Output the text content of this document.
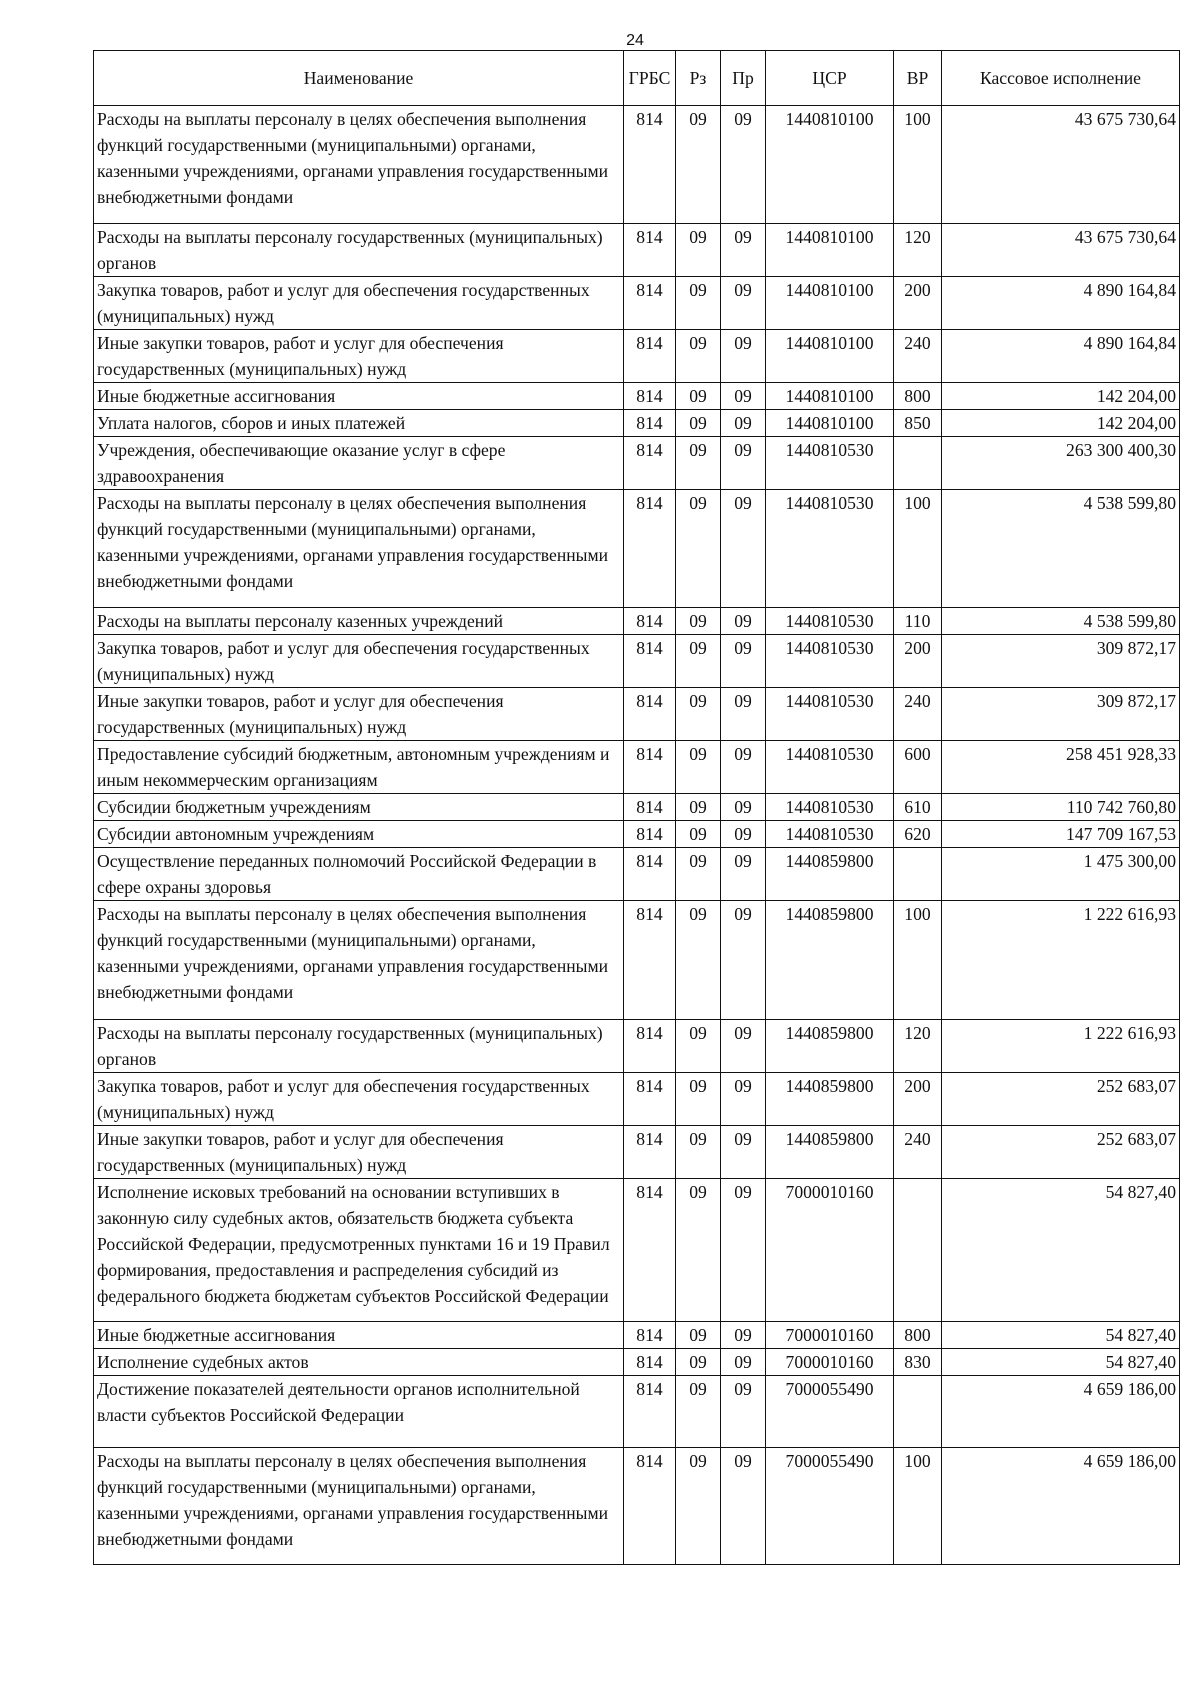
24
Наименование	ГРБС	Рз	Пр	ЦСР	ВР	Кассовое исполнение
Расходы на выплаты персоналу в целях обеспечения выполнения функций государственными (муниципальными) органами, казенными учреждениями, органами управления государственными внебюджетными фондами	814	09	09	1440810100	100	43 675 730,64
Расходы на выплаты персоналу государственных (муниципальных) органов	814	09	09	1440810100	120	43 675 730,64
Закупка товаров, работ и услуг для обеспечения государственных (муниципальных) нужд	814	09	09	1440810100	200	4 890 164,84
Иные закупки товаров, работ и услуг для обеспечения государственных (муниципальных) нужд	814	09	09	1440810100	240	4 890 164,84
Иные бюджетные ассигнования	814	09	09	1440810100	800	142 204,00
Уплата налогов, сборов и иных платежей	814	09	09	1440810100	850	142 204,00
Учреждения, обеспечивающие оказание услуг в сфере здравоохранения	814	09	09	1440810530		263 300 400,30
Расходы на выплаты персоналу в целях обеспечения выполнения функций государственными (муниципальными) органами, казенными учреждениями, органами управления государственными внебюджетными фондами	814	09	09	1440810530	100	4 538 599,80
Расходы на выплаты персоналу казенных учреждений	814	09	09	1440810530	110	4 538 599,80
Закупка товаров, работ и услуг для обеспечения государственных (муниципальных) нужд	814	09	09	1440810530	200	309 872,17
Иные закупки товаров, работ и услуг для обеспечения государственных (муниципальных) нужд	814	09	09	1440810530	240	309 872,17
Предоставление субсидий бюджетным, автономным учреждениям и иным некоммерческим организациям	814	09	09	1440810530	600	258 451 928,33
Субсидии бюджетным учреждениям	814	09	09	1440810530	610	110 742 760,80
Субсидии автономным учреждениям	814	09	09	1440810530	620	147 709 167,53
Осуществление переданных полномочий Российской Федерации в сфере охраны здоровья	814	09	09	1440859800		1 475 300,00
Расходы на выплаты персоналу в целях обеспечения выполнения функций государственными (муниципальными) органами, казенными учреждениями, органами управления государственными внебюджетными фондами	814	09	09	1440859800	100	1 222 616,93
Расходы на выплаты персоналу государственных (муниципальных) органов	814	09	09	1440859800	120	1 222 616,93
Закупка товаров, работ и услуг для обеспечения государственных (муниципальных) нужд	814	09	09	1440859800	200	252 683,07
Иные закупки товаров, работ и услуг для обеспечения государственных (муниципальных) нужд	814	09	09	1440859800	240	252 683,07
Исполнение исковых требований на основании вступивших в законную силу судебных актов, обязательств бюджета субъекта Российской Федерации, предусмотренных пунктами 16 и 19 Правил формирования, предоставления и распределения субсидий из федерального бюджета бюджетам субъектов Российской Федерации	814	09	09	7000010160		54 827,40
Иные бюджетные ассигнования	814	09	09	7000010160	800	54 827,40
Исполнение судебных актов	814	09	09	7000010160	830	54 827,40
Достижение показателей деятельности органов исполнительной власти субъектов Российской Федерации	814	09	09	7000055490		4 659 186,00
Расходы на выплаты персоналу в целях обеспечения выполнения функций государственными (муниципальными) органами, казенными учреждениями, органами управления государственными внебюджетными фондами	814	09	09	7000055490	100	4 659 186,00
